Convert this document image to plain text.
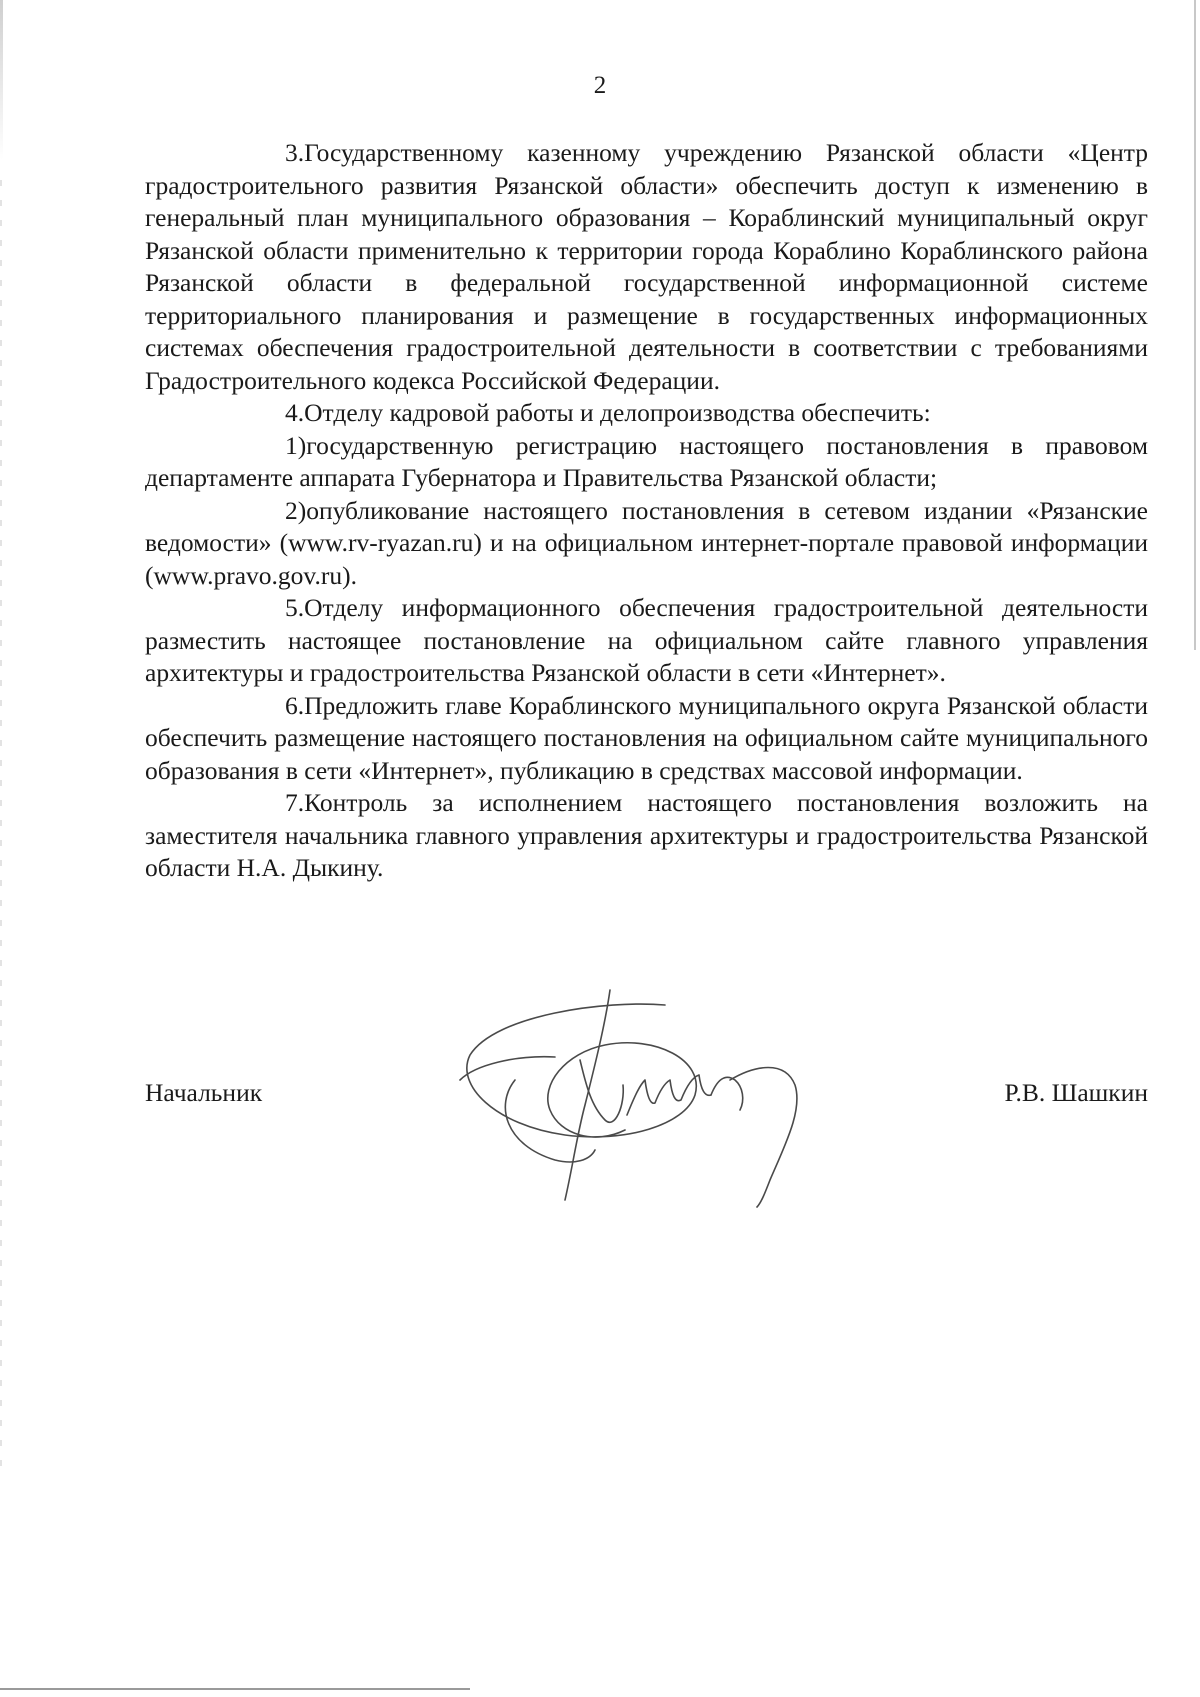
2

3.Государственному казенному учреждению Рязанской области «Центр градостроительного развития Рязанской области» обеспечить доступ к изменению в генеральный план муниципального образования – Кораблинский муниципальный округ Рязанской области применительно к территории города Кораблино Кораблинского района Рязанской области в федеральной государственной информационной системе территориального планирования и размещение в государственных информационных системах обеспечения градостроительной деятельности в соответствии с требованиями Градостроительного кодекса Российской Федерации.

4.Отделу кадровой работы и делопроизводства обеспечить:

1)государственную регистрацию настоящего постановления в правовом департаменте аппарата Губернатора и Правительства Рязанской области;

2)опубликование настоящего постановления в сетевом издании «Рязанские ведомости» (www.rv-ryazan.ru) и на официальном интернет-портале правовой информации (www.pravo.gov.ru).

5.Отделу информационного обеспечения градостроительной деятельности разместить настоящее постановление на официальном сайте главного управления архитектуры и градостроительства Рязанской области в сети «Интернет».

6.Предложить главе Кораблинского муниципального округа Рязанской области обеспечить размещение настоящего постановления на официальном сайте муниципального образования в сети «Интернет», публикацию в средствах массовой информации.

7.Контроль за исполнением настоящего постановления возложить на заместителя начальника главного управления архитектуры и градостроительства Рязанской области Н.А. Дыкину.

Начальник	Р.В. Шашкин
